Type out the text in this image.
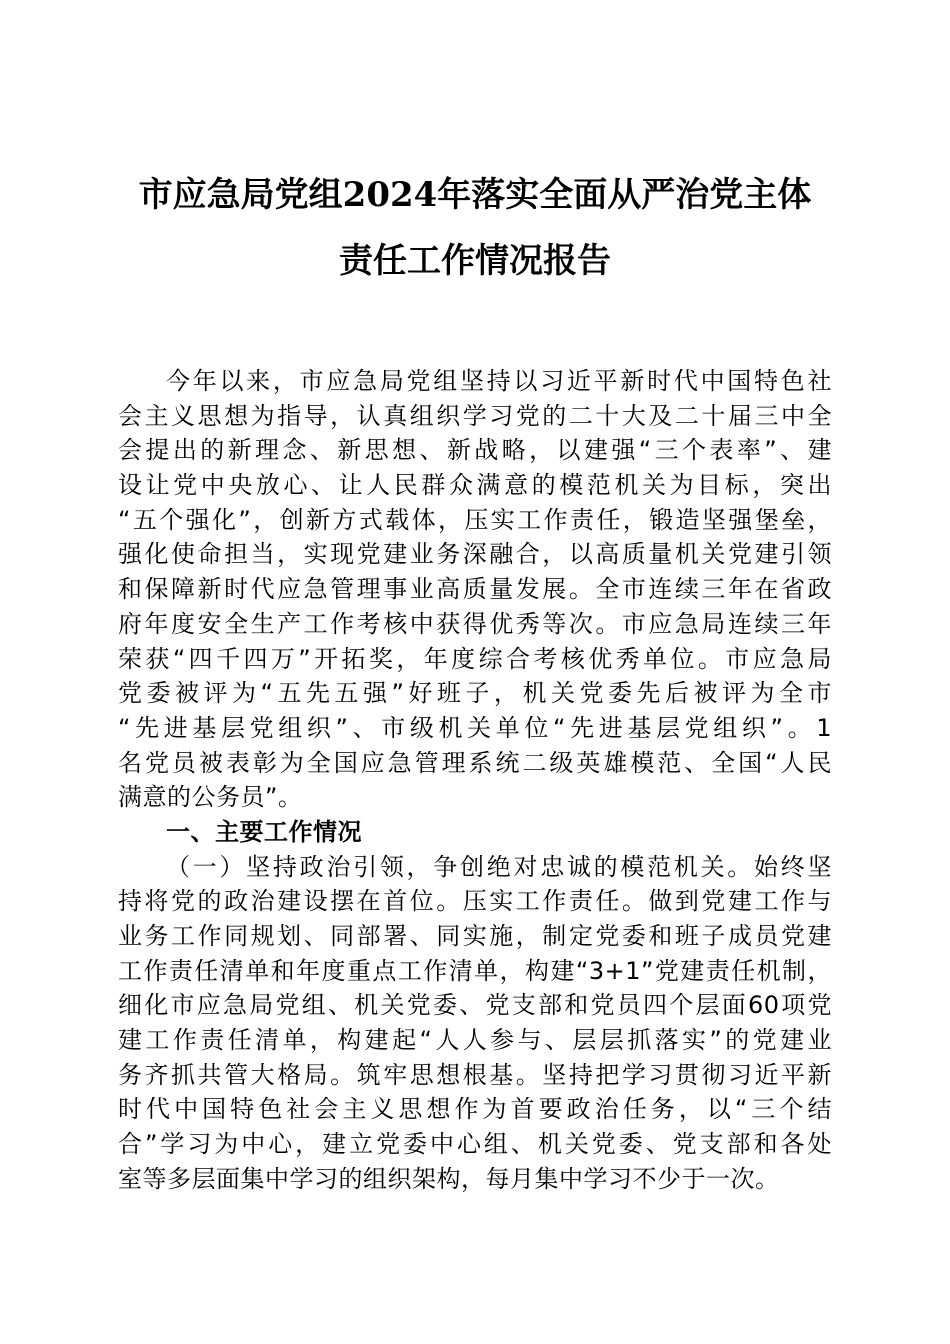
市应急局党组2024年落实全面从严治党主体
责任工作情况报告
今年以来，市应急局党组坚持以习近平新时代中国特色社
会主义思想为指导，认真组织学习党的二十大及二十届三中全
会提出的新理念、新思想、新战略，以建强“三个表率”、建
设让党中央放心、让人民群众满意的模范机关为目标，突出
“五个强化”，创新方式载体，压实工作责任，锻造坚强堡垒，
强化使命担当，实现党建业务深融合，以高质量机关党建引领
和保障新时代应急管理事业高质量发展。全市连续三年在省政
府年度安全生产工作考核中获得优秀等次。市应急局连续三年
荣获“四千四万”开拓奖，年度综合考核优秀单位。市应急局
党委被评为“五先五强”好班子，机关党委先后被评为全市
“先进基层党组织”、市级机关单位“先进基层党组织”。1
名党员被表彰为全国应急管理系统二级英雄模范、全国“人民
满意的公务员”。
一、主要工作情况
（一）坚持政治引领，争创绝对忠诚的模范机关。始终坚
持将党的政治建设摆在首位。压实工作责任。做到党建工作与
业务工作同规划、同部署、同实施，制定党委和班子成员党建
工作责任清单和年度重点工作清单，构建“3+1”党建责任机制，
细化市应急局党组、机关党委、党支部和党员四个层面60项党
建工作责任清单，构建起“人人参与、层层抓落实”的党建业
务齐抓共管大格局。筑牢思想根基。坚持把学习贯彻习近平新
时代中国特色社会主义思想作为首要政治任务，以“三个结
合”学习为中心，建立党委中心组、机关党委、党支部和各处
室等多层面集中学习的组织架构，每月集中学习不少于一次。
